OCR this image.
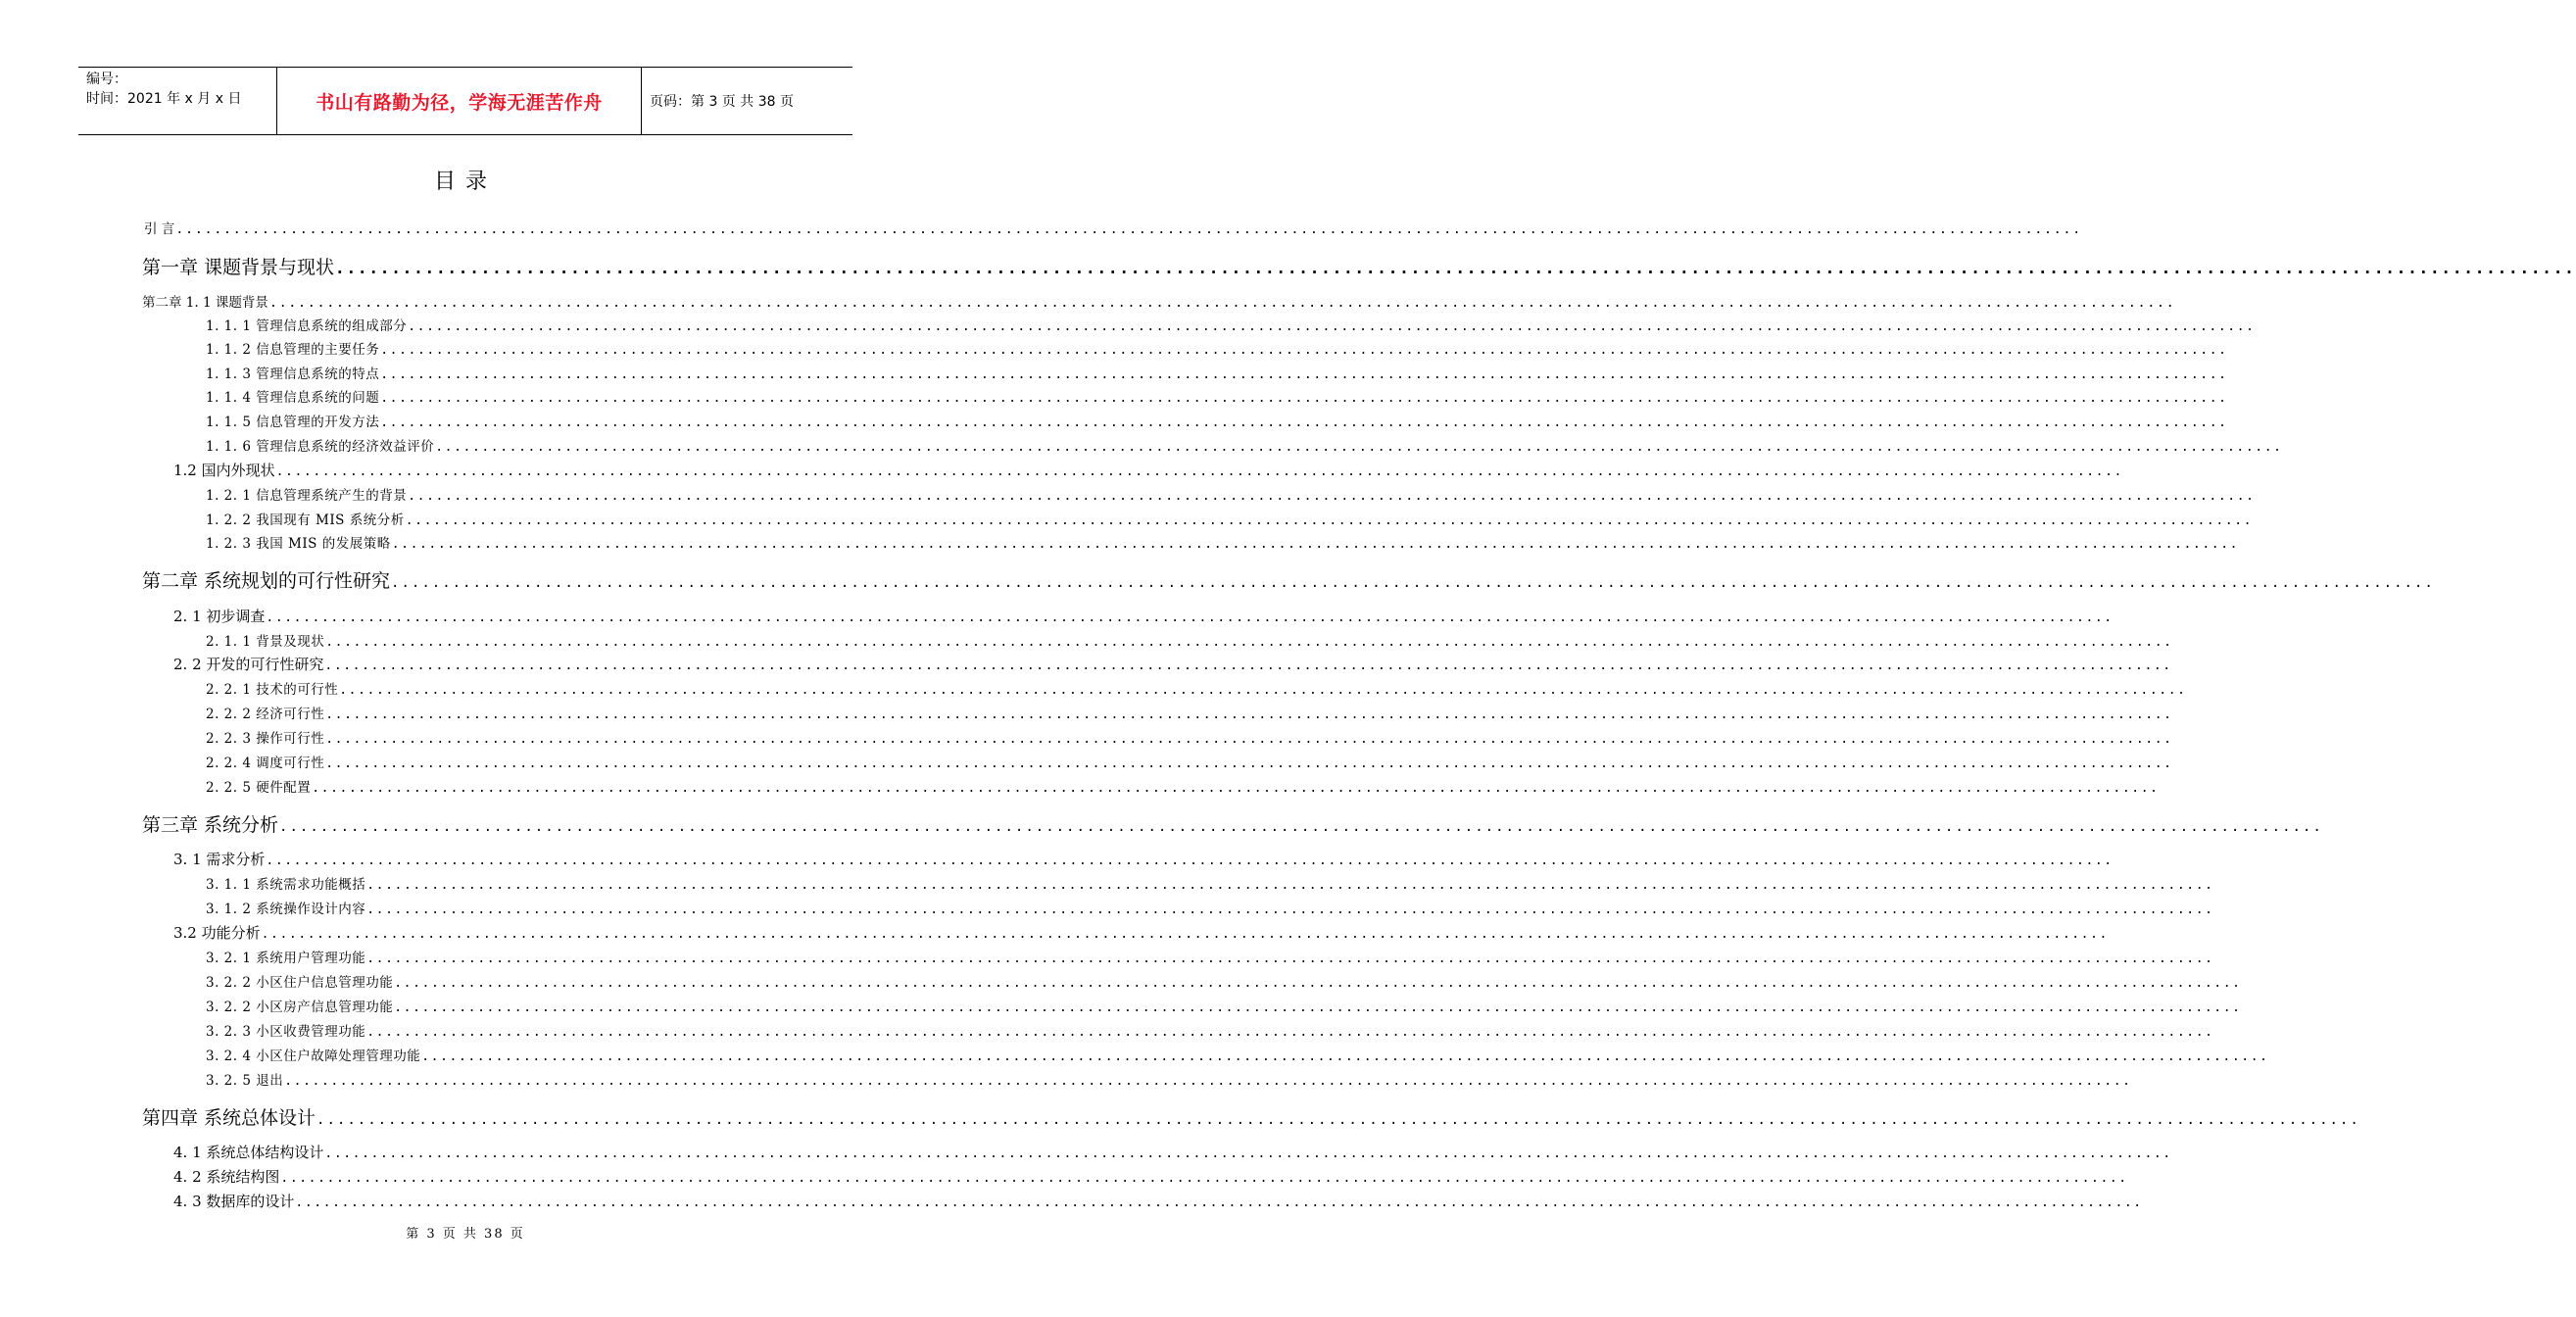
编号：
时间：2021 年 x 月 x 日	书山有路勤为径，学海无涯苦作舟	页码：第 3 页 共 38 页
目录
引 言 ........................................................................................................................................................................................................
第一章 课题背景与现状 ........................................................................................................................................................................................................
第二章 1. 1 课题背景 ........................................................................................................................................................................................................
1. 1. 1 管理信息系统的组成部分 ........................................................................................................................................................................................................
1. 1. 2 信息管理的主要任务 ........................................................................................................................................................................................................
1. 1. 3 管理信息系统的特点 ........................................................................................................................................................................................................
1. 1. 4 管理信息系统的问题 ........................................................................................................................................................................................................
1. 1. 5 信息管理的开发方法 ........................................................................................................................................................................................................
1. 1. 6 管理信息系统的经济效益评价 ........................................................................................................................................................................................................
1.2 国内外现状 ........................................................................................................................................................................................................
1. 2. 1 信息管理系统产生的背景 ........................................................................................................................................................................................................
1. 2. 2 我国现有 MIS 系统分析 ........................................................................................................................................................................................................
1. 2. 3 我国 MIS 的发展策略 ........................................................................................................................................................................................................
第二章 系统规划的可行性研究 ........................................................................................................................................................................................................
2. 1 初步调查 ........................................................................................................................................................................................................
2. 1. 1 背景及现状 ........................................................................................................................................................................................................
2. 2 开发的可行性研究 ........................................................................................................................................................................................................
2. 2. 1 技术的可行性 ........................................................................................................................................................................................................
2. 2. 2 经济可行性 ........................................................................................................................................................................................................
2. 2. 3 操作可行性 ........................................................................................................................................................................................................
2. 2. 4 调度可行性 ........................................................................................................................................................................................................
2. 2. 5 硬件配置 ........................................................................................................................................................................................................
第三章 系统分析 ........................................................................................................................................................................................................
3. 1 需求分析 ........................................................................................................................................................................................................
3. 1. 1 系统需求功能概括 ........................................................................................................................................................................................................
3. 1. 2 系统操作设计内容 ........................................................................................................................................................................................................
3.2 功能分析 ........................................................................................................................................................................................................
3. 2. 1 系统用户管理功能 ........................................................................................................................................................................................................
3. 2. 2 小区住户信息管理功能 ........................................................................................................................................................................................................
3. 2. 2 小区房产信息管理功能 ........................................................................................................................................................................................................
3. 2. 3 小区收费管理功能 ........................................................................................................................................................................................................
3. 2. 4 小区住户故障处理管理功能 ........................................................................................................................................................................................................
3. 2. 5 退出 ........................................................................................................................................................................................................
第四章 系统总体设计 ........................................................................................................................................................................................................
4. 1 系统总体结构设计 ........................................................................................................................................................................................................
4. 2 系统结构图 ........................................................................................................................................................................................................
4. 3 数据库的设计 ........................................................................................................................................................................................................
第 3 页 共 38 页
